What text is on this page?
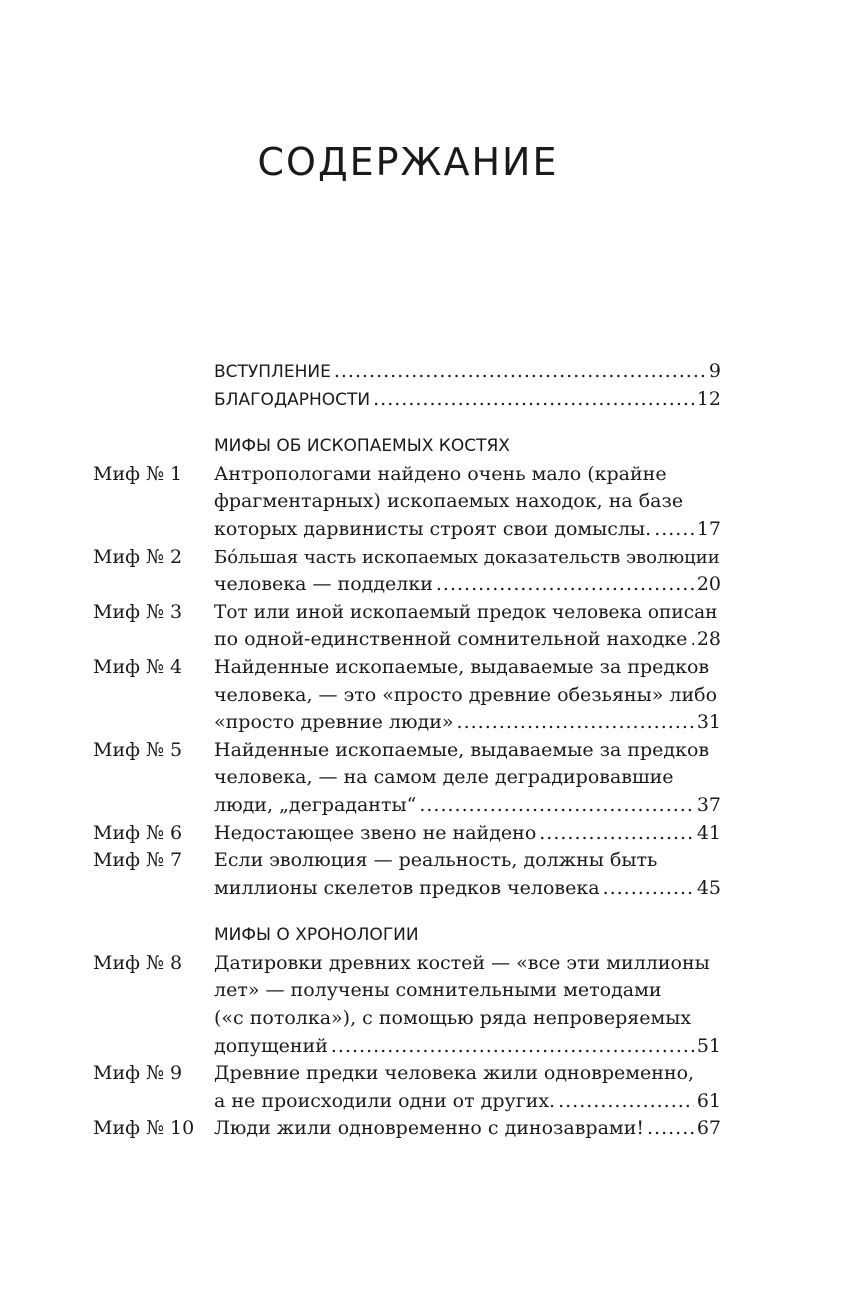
СОДЕРЖАНИЕ
ВСТУПЛЕНИЕ .....	9
БЛАГОДАРНОСТИ .....	12
МИФЫ ОБ ИСКОПАЕМЫХ КОСТЯХ
Миф № 1 Антропологами найдено очень мало (крайне
фрагментарных) ископаемых находок, на базе
которых дарвинисты строят свои домыслы. ..... 17
Миф № 2 Бóльшая часть ископаемых доказательств эволюции
человека — подделки .....	20
Миф № 3 Тот или иной ископаемый предок человека описан
по одной-единственной сомнительной находке ..... 28
Миф № 4 Найденные ископаемые, выдаваемые за предков
человека, — это «просто древние обезьяны» либо
«просто древние люди» .....	31
Миф № 5 Найденные ископаемые, выдаваемые за предков
человека, — на самом деле деградировавшие
люди, „деграданты“ .....	37
Миф № 6 Недостающее звено не найдено .....	41
Миф № 7 Если эволюция — реальность, должны быть
миллионы скелетов предков человека .....	45
МИФЫ О ХРОНОЛОГИИ
Миф № 8 Датировки древних костей — «все эти миллионы
лет» — получены сомнительными методами
(«с потолка»), с помощью ряда непроверяемых
допущений .....	51
Миф № 9 Древние предки человека жили одновременно,
а не происходили одни от других. .....	61
Миф № 10 Люди жили одновременно с динозаврами! .....	67
